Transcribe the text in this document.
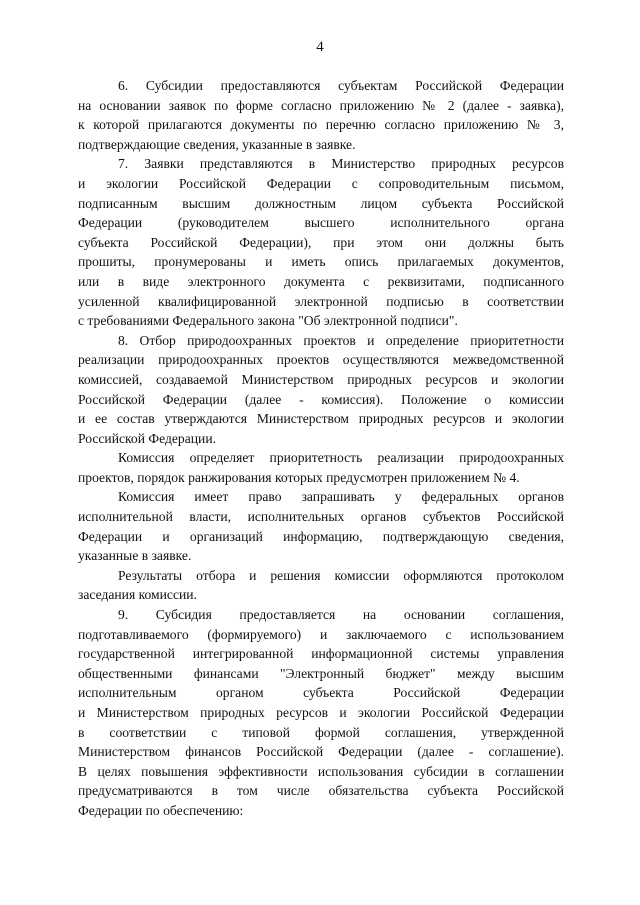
4

6. Субсидии предоставляются субъектам Российской Федерации
на основании заявок по форме согласно приложению № 2 (далее - заявка),
к которой прилагаются документы по перечню согласно приложению № 3,
подтверждающие сведения, указанные в заявке.

7. Заявки представляются в Министерство природных ресурсов
и экологии Российской Федерации с сопроводительным письмом,
подписанным высшим должностным лицом субъекта Российской
Федерации (руководителем высшего исполнительного органа
субъекта Российской Федерации), при этом они должны быть
прошиты, пронумерованы и иметь опись прилагаемых документов,
или в виде электронного документа с реквизитами, подписанного
усиленной квалифицированной электронной подписью в соответствии
с требованиями Федерального закона "Об электронной подписи".

8. Отбор природоохранных проектов и определение приоритетности
реализации природоохранных проектов осуществляются межведомственной
комиссией, создаваемой Министерством природных ресурсов и экологии
Российской Федерации (далее - комиссия). Положение о комиссии
и ее состав утверждаются Министерством природных ресурсов и экологии
Российской Федерации.

Комиссия определяет приоритетность реализации природоохранных
проектов, порядок ранжирования которых предусмотрен приложением № 4.

Комиссия имеет право запрашивать у федеральных органов
исполнительной власти, исполнительных органов субъектов Российской
Федерации и организаций информацию, подтверждающую сведения,
указанные в заявке.

Результаты отбора и решения комиссии оформляются протоколом
заседания комиссии.

9. Субсидия предоставляется на основании соглашения,
подготавливаемого (формируемого) и заключаемого с использованием
государственной интегрированной информационной системы управления
общественными финансами "Электронный бюджет" между высшим
исполнительным органом субъекта Российской Федерации
и Министерством природных ресурсов и экологии Российской Федерации
в соответствии с типовой формой соглашения, утвержденной
Министерством финансов Российской Федерации (далее - соглашение).
В целях повышения эффективности использования субсидии в соглашении
предусматриваются в том числе обязательства субъекта Российской
Федерации по обеспечению:
